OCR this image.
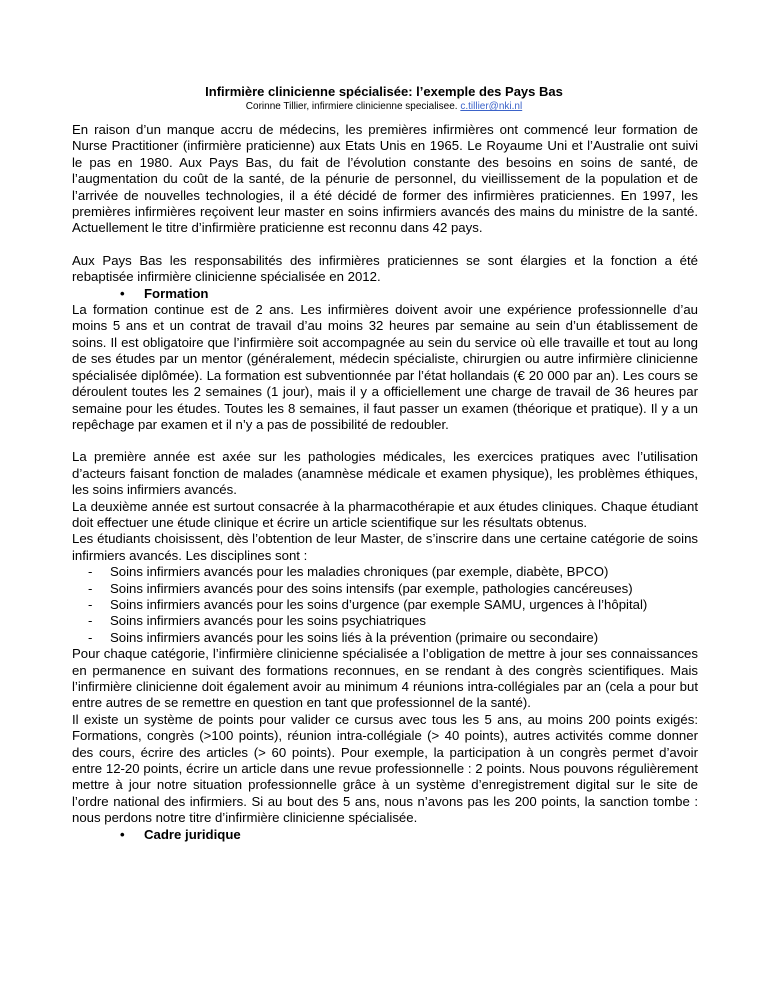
Infirmière clinicienne spécialisée: l’exemple des Pays Bas
Corinne Tillier, infirmiere clinicienne specialisee. c.tillier@nki.nl

En raison d’un manque accru de médecins, les premières infirmières ont commencé leur formation de Nurse Practitioner (infirmière praticienne) aux Etats Unis en 1965. Le Royaume Uni et l’Australie ont suivi le pas en 1980. Aux Pays Bas, du fait de l’évolution constante des besoins en soins de santé, de l’augmentation du coût de la santé, de la pénurie de personnel, du vieillissement de la population et de l’arrivée de nouvelles technologies, il a été décidé de former des infirmières praticiennes. En 1997, les premières infirmières reçoivent leur master en soins infirmiers avancés des mains du ministre de la santé. Actuellement le titre d’infirmière praticienne est reconnu dans 42 pays.

Aux Pays Bas les responsabilités des infirmières praticiennes se sont élargies et la fonction a été rebaptisée infirmière clinicienne spécialisée en 2012.

• Formation

La formation continue est de 2 ans. Les infirmières doivent avoir une expérience professionnelle d’au moins 5 ans et un contrat de travail d’au moins 32 heures par semaine au sein d’un établissement de soins. Il est obligatoire que l’infirmière soit accompagnée au sein du service où elle travaille et tout au long de ses études par un mentor (généralement, médecin spécialiste, chirurgien ou autre infirmière clinicienne spécialisée diplômée). La formation est subventionnée par l’état hollandais (€ 20 000 par an). Les cours se déroulent toutes les 2 semaines (1 jour), mais il y a officiellement une charge de travail de 36 heures par semaine pour les études. Toutes les 8 semaines, il faut passer un examen (théorique et pratique). Il y a un repêchage par examen et il n’y a pas de possibilité de redoubler.

La première année est axée sur les pathologies médicales, les exercices pratiques avec l’utilisation d’acteurs faisant fonction de malades (anamnèse médicale et examen physique), les problèmes éthiques, les soins infirmiers avancés.

La deuxième année est surtout consacrée à la pharmacothérapie et aux études cliniques. Chaque étudiant doit effectuer une étude clinique et écrire un article scientifique sur les résultats obtenus.

Les étudiants choisissent, dès l’obtention de leur Master, de s’inscrire dans une certaine catégorie de soins infirmiers avancés. Les disciplines sont :

- Soins infirmiers avancés pour les maladies chroniques (par exemple, diabète, BPCO)
- Soins infirmiers avancés pour des soins intensifs (par exemple, pathologies cancéreuses)
- Soins infirmiers avancés pour les soins d’urgence (par exemple SAMU, urgences à l’hôpital)
- Soins infirmiers avancés pour les soins psychiatriques
- Soins infirmiers avancés pour les soins liés à la prévention (primaire ou secondaire)

Pour chaque catégorie, l’infirmière clinicienne spécialisée a l’obligation de mettre à jour ses connaissances en permanence en suivant des formations reconnues, en se rendant à des congrès scientifiques. Mais l’infirmière clinicienne doit également avoir au minimum 4 réunions intra-collégiales par an (cela a pour but entre autres de se remettre en question en tant que professionnel de la santé).

Il existe un système de points pour valider ce cursus avec tous les 5 ans, au moins 200 points exigés: Formations, congrès (>100 points), réunion intra-collégiale (> 40 points), autres activités comme donner des cours, écrire des articles (> 60 points). Pour exemple, la participation à un congrès permet d’avoir entre 12-20 points, écrire un article dans une revue professionnelle : 2 points. Nous pouvons régulièrement mettre à jour notre situation professionnelle grâce à un système d’enregistrement digital sur le site de l’ordre national des infirmiers. Si au bout des 5 ans, nous n’avons pas les 200 points, la sanction tombe : nous perdons notre titre d’infirmière clinicienne spécialisée.

• Cadre juridique
